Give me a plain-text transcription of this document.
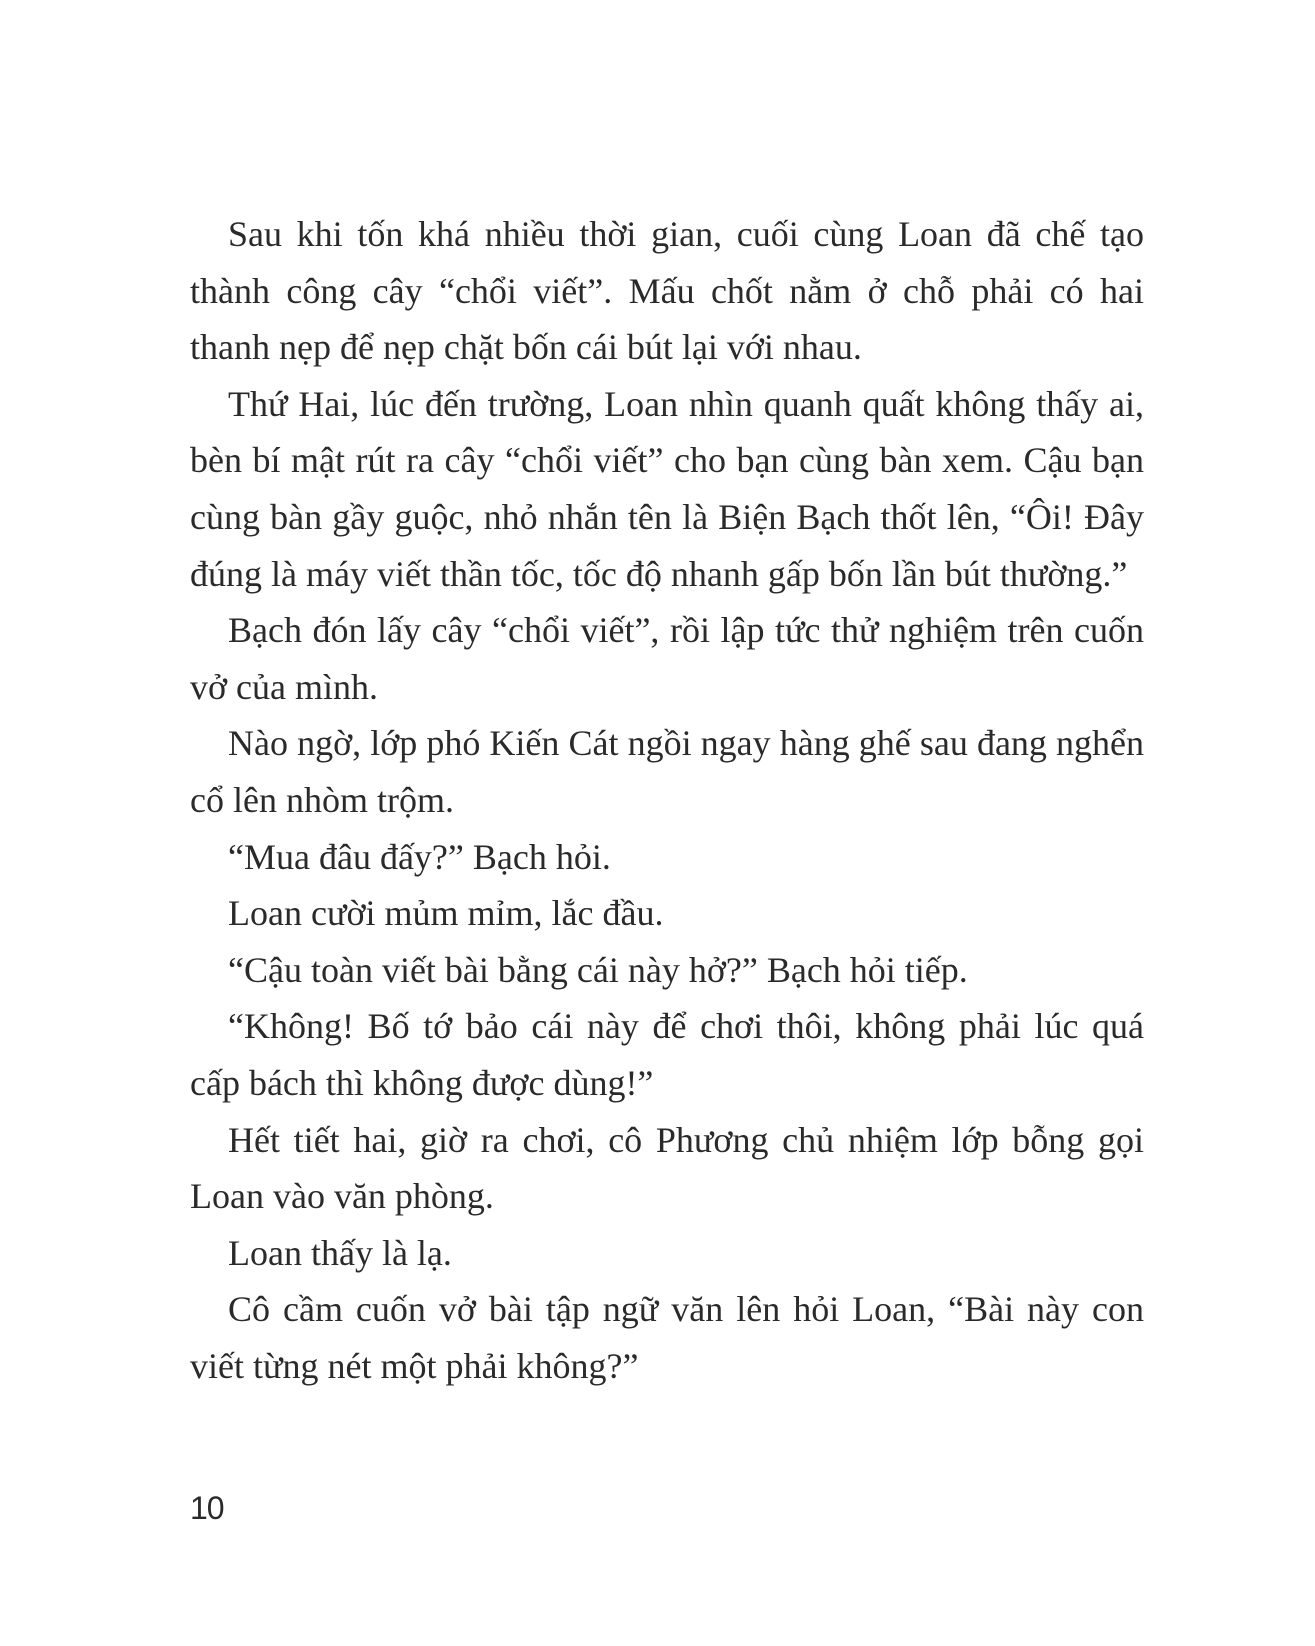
Sau khi tốn khá nhiều thời gian, cuối cùng Loan đã chế tạo thành công cây “chổi viết”. Mấu chốt nằm ở chỗ phải có hai thanh nẹp để nẹp chặt bốn cái bút lại với nhau.

Thứ Hai, lúc đến trường, Loan nhìn quanh quất không thấy ai, bèn bí mật rút ra cây “chổi viết” cho bạn cùng bàn xem. Cậu bạn cùng bàn gầy guộc, nhỏ nhắn tên là Biện Bạch thốt lên, “Ôi! Đây đúng là máy viết thần tốc, tốc độ nhanh gấp bốn lần bút thường.”

Bạch đón lấy cây “chổi viết”, rồi lập tức thử nghiệm trên cuốn vở của mình.

Nào ngờ, lớp phó Kiến Cát ngồi ngay hàng ghế sau đang nghển cổ lên nhòm trộm.

“Mua đâu đấy?” Bạch hỏi.

Loan cười mủm mỉm, lắc đầu.

“Cậu toàn viết bài bằng cái này hở?” Bạch hỏi tiếp.

“Không! Bố tớ bảo cái này để chơi thôi, không phải lúc quá cấp bách thì không được dùng!”

Hết tiết hai, giờ ra chơi, cô Phương chủ nhiệm lớp bỗng gọi Loan vào văn phòng.

Loan thấy là lạ.

Cô cầm cuốn vở bài tập ngữ văn lên hỏi Loan, “Bài này con viết từng nét một phải không?”

10
